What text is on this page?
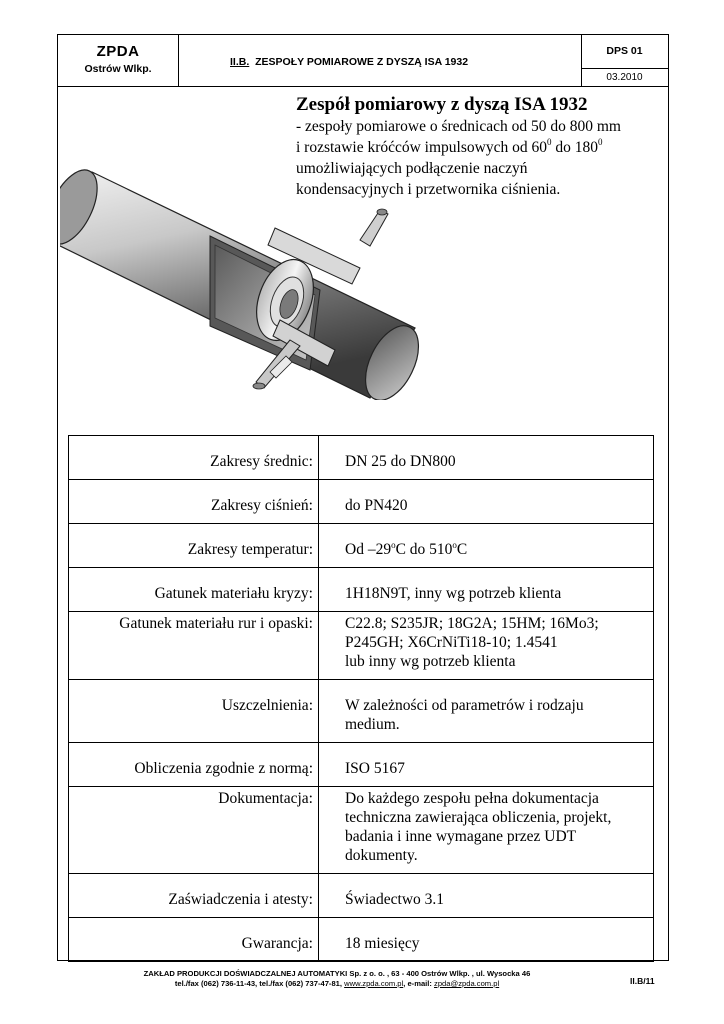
ZPDA
Ostrów Wlkp.
II.B. ZESPOŁY POMIAROWE Z DYSZĄ ISA 1932
DPS 01
03.2010
Zespół pomiarowy z dyszą ISA 1932

- zespoły pomiarowe o średnicach od 50 do 800 mm

i rozstawie króćców impulsowych od $60^0$ do $180^0$

umożliwiających podłączenie naczyń

kondensacyjnych i przetwornika ciśnienia.

Zakresy średnic:	DN 25 do DN800
Zakresy ciśnień:	do PN420
Zakresy temperatur:	Od –29$^o$C do 510$^o$C
Gatunek materiału kryzy:	1H18N9T, inny wg potrzeb klienta
Gatunek materiału rur i opaski:	C22.8; S235JR; 18G2A; 15HM; 16Mo3;
P245GH; X6CrNiTi18-10; 1.4541
lub inny wg potrzeb klienta

Uszczelnienia:	W zależności od parametrów i rodzaju
medium.

Obliczenia zgodnie z normą:	ISO 5167
Dokumentacja:	Do każdego zespołu pełna dokumentacja
techniczna zawierająca obliczenia, projekt,
badania i inne wymagane przez UDT
dokumenty.

Zaświadczenia i atesty:	Świadectwo 3.1
Gwarancja:	18 miesięcy
ZAKŁAD PRODUKCJI DOŚWIADCZALNEJ AUTOMATYKI Sp. z o. o. , 63 - 400 Ostrów Wlkp. , ul. Wysocka 46
tel./fax (062) 736-11-43, tel./fax (062) 737-47-81, www.zpda.com.pl, e-mail: zpda@zpda.com.pl	II.B/11
